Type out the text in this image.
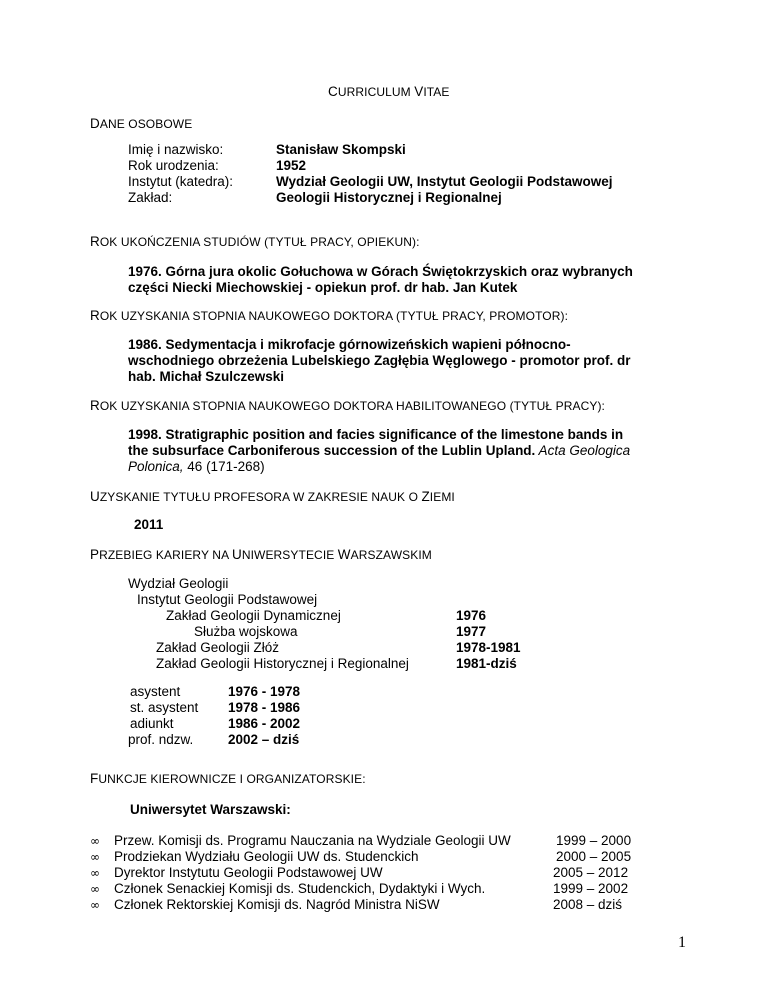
CURRICULUM VITAE
DANE OSOBOWE
Imię i nazwisko:	Stanisław Skompski
Rok urodzenia:	1952
Instytut (katedra):	Wydział Geologii UW, Instytut Geologii Podstawowej
Zakład:	Geologii Historycznej i Regionalnej
ROK UKOŃCZENIA STUDIÓW (TYTUŁ PRACY, OPIEKUN):
1976. Górna jura okolic Gołuchowa w Górach Świętokrzyskich oraz wybranych
części Niecki Miechowskiej - opiekun prof. dr hab. Jan Kutek
ROK UZYSKANIA STOPNIA NAUKOWEGO DOKTORA (TYTUŁ PRACY, PROMOTOR):
1986. Sedymentacja i mikrofacje górnowizeńskich wapieni północno-
wschodniego obrzeżenia Lubelskiego Zagłębia Węglowego - promotor prof. dr
hab. Michał Szulczewski
ROK UZYSKANIA STOPNIA NAUKOWEGO DOKTORA HABILITOWANEGO (TYTUŁ PRACY):
1998. Stratigraphic position and facies significance of the limestone bands in
the subsurface Carboniferous succession of the Lublin Upland. Acta Geologica
Polonica, 46 (171-268)
UZYSKANIE TYTUŁU PROFESORA W ZAKRESIE NAUK O ZIEMI
2011
PRZEBIEG KARIERY NA UNIWERSYTECIE WARSZAWSKIM
Wydział Geologii
Instytut Geologii Podstawowej
Zakład Geologii Dynamicznej	1976
Służba wojskowa	1977
Zakład Geologii Złóż	1978-1981
Zakład Geologii Historycznej i Regionalnej	1981-dziś
asystent	1976 - 1978
st. asystent 1978 - 1986
adiunkt	1986 - 2002
prof. ndzw.	2002 – dziś
FUNKCJE KIEROWNICZE I ORGANIZATORSKIE:
Uniwersytet Warszawski:
∞ Przew. Komisji ds. Programu Nauczania na Wydziale Geologii UW	1999 – 2000
∞ Prodziekan Wydziału Geologii UW ds. Studenckich	2000 – 2005
∞ Dyrektor Instytutu Geologii Podstawowej UW	2005 – 2012
∞ Członek Senackiej Komisji ds. Studenckich, Dydaktyki i Wych.	1999 – 2002
∞ Członek Rektorskiej Komisji ds. Nagród Ministra NiSW	2008 – dziś
1
